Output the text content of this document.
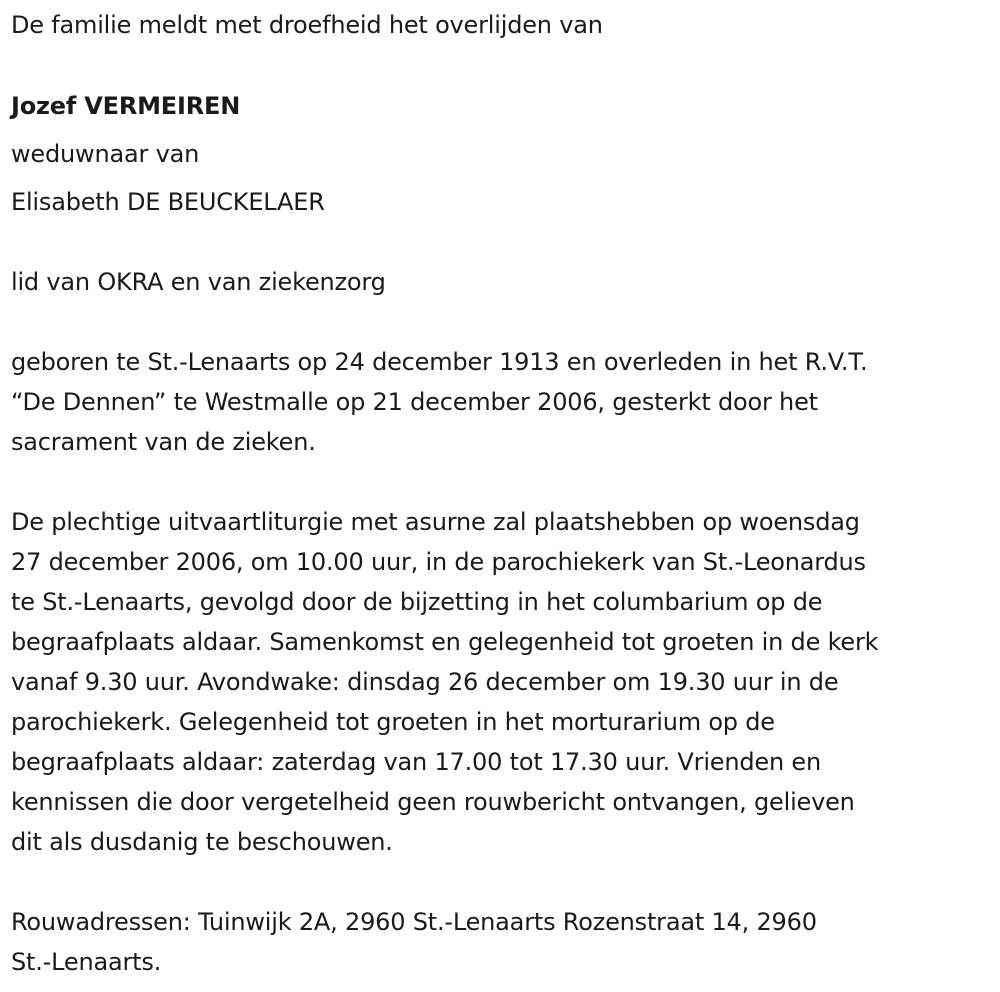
De familie meldt met droefheid het overlijden van
Jozef VERMEIREN
weduwnaar van
Elisabeth DE BEUCKELAER
lid van OKRA en van ziekenzorg
geboren te St.-Lenaarts op 24 december 1913 en overleden in het R.V.T.
“De Dennen” te Westmalle op 21 december 2006, gesterkt door het
sacrament van de zieken.
De plechtige uitvaartliturgie met asurne zal plaatshebben op woensdag
27 december 2006, om 10.00 uur, in de parochiekerk van St.-Leonardus
te St.-Lenaarts, gevolgd door de bijzetting in het columbarium op de
begraafplaats aldaar. Samenkomst en gelegenheid tot groeten in de kerk
vanaf 9.30 uur. Avondwake: dinsdag 26 december om 19.30 uur in de
parochiekerk. Gelegenheid tot groeten in het morturarium op de
begraafplaats aldaar: zaterdag van 17.00 tot 17.30 uur. Vrienden en
kennissen die door vergetelheid geen rouwbericht ontvangen, gelieven
dit als dusdanig te beschouwen.
Rouwadressen: Tuinwijk 2A, 2960 St.-Lenaarts Rozenstraat 14, 2960
St.-Lenaarts.
